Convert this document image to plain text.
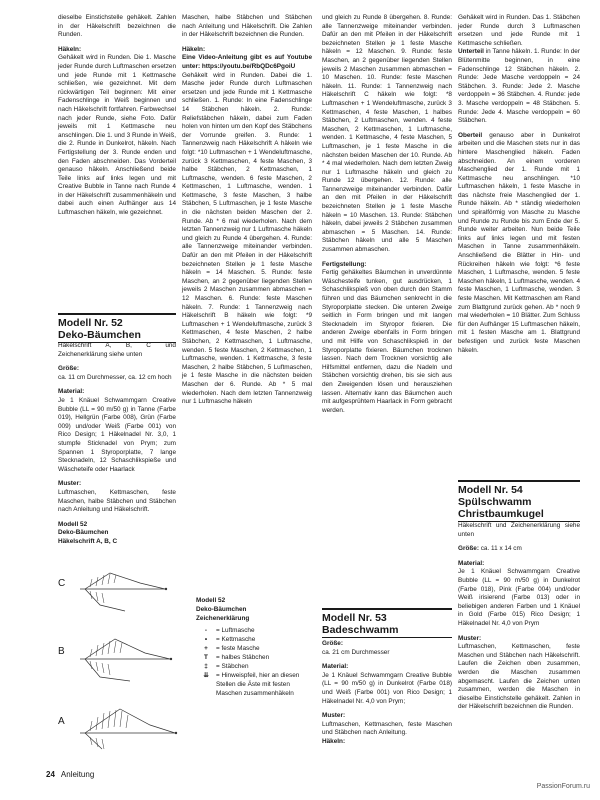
dieselbe Einstichstelle gehäkelt. Zahlen in der Häkelschrift bezeichnen die Runden.

Häkeln:

Gehäkelt wird in Runden. Die 1. Masche jeder Runde durch Luftmaschen ersetzen und jede Runde mit 1 Kettmasche schließen, wie gezeichnet. Mit dem rückwärtigen Teil beginnen: Mit einer Fadenschlinge in Weiß beginnen und nach Häkelschrift fortfahren. Farbwechsel nach jeder Runde, siehe Foto. Dafür jeweils mit 1 Kettmasche neu anschlingen. Die 1. und 3 Runde in Weiß, die 2. Runde in Dunkelrot, häkeln. Nach Fertigstellung der 3. Runde enden und den Faden abschneiden. Das Vorderteil genauso häkeln. Anschließend beide Teile links auf links legen und mit Creative Bubble in Tanne nach Runde 4 in der Häkelschrift zusammenhäkeln und dabei auch einen Aufhänger aus 14 Luftmaschen häkeln, wie gezeichnet.

Modell Nr. 52
Deko-Bäumchen

Häkelschrift A, B, C und Zeichenerklärung siehe unten

Größe:

ca. 11 cm Durchmesser, ca. 12 cm hoch

Material:

Je 1 Knäuel Schwammgarn Creative Bubble (LL = 90 m/50 g) in Tanne (Farbe 019), Hellgrün (Farbe 008), Grün (Farbe 009) und/oder Weiß (Farbe 001) von Rico Design; 1 Häkelnadel Nr. 3,0, 1 stumpfe Sticknadel von Prym; zum Spannen 1 Styroporplatte, 7 lange Stecknadeln, 12 Schaschlikspieße und Wäscheteife oder Haarlack

Muster:

Luftmaschen, Kettmaschen, feste Maschen, halbe Stäbchen und Stäbchen nach Anleitung und Häkelschrift.

Modell 52
Deko-Bäumchen
Häkelschrift A, B, C

Maschen, halbe Stäbchen und Stäbchen nach Anleitung und Häkelschrift. Die Zahlen in der Häkelschrift bezeichnen die Runden.

Häkeln:

Eine Video-Anleitung gibt es auf Youtube unter: https://youtu.be/RbQDc6PgoiU

Gehäkelt wird in Runden. Dabei die 1. Masche jeder Runde durch Luftmaschen ersetzen und jede Runde mit 1 Kettmasche schließen. 1. Runde: In eine Fadenschlinge 14 Stäbchen häkeln. 2. Runde: Reliefstäbchen häkeln, dabei zum Faden holen von hinten um den Kopf des Stäbchens der Vorrunde greifen. 3. Runde: 1 Tannenzweig nach Häkelschrift A häkeln wie folgt: *10 Luftmaschen + 1 Wendeluftmasche, zurück 3 Kettmaschen, 4 feste Maschen, 3 halbe Stäbchen, 2 Kettmaschen, 1 Luftmasche, wenden. 6 feste Maschen, 2 Kettmaschen, 1 Luftmasche, wenden. 1 Kettmasche, 3 feste Maschen, 3 halbe Stäbchen, 5 Luftmaschen, je 1 feste Masche in die nächsten beiden Maschen der 2. Runde. Ab * 6 mal wiederholen. Nach dem letzten Tannenzweig nur 1 Luftmasche häkeln und gleich zu Runde 4 übergehen. 4. Runde: alle Tannenzweige miteinander verbinden. Dafür an den mit Pfeilen in der Häkelschrift bezeichneten Stellen je 1 feste Masche häkeln = 14 Maschen. 5. Runde: feste Maschen, an 2 gegenüber liegenden Stellen jeweils 2 Maschen zusammen abmaschen = 12 Maschen. 6. Runde: feste Maschen häkeln. 7. Runde: 1 Tannenzweig nach Häkelschrift B häkeln wie folgt: *9 Luftmaschen + 1 Wendeluftmasche, zurück 3 Kettmaschen, 4 feste Maschen, 2 halbe Stäbchen, 2 Kettmaschen, 1 Luftmasche, wenden. 5 feste Maschen, 2 Kettmaschen, 1 Luftmasche, wenden. 1 Kettmasche, 3 feste Maschen, 2 halbe Stäbchen, 5 Luftmaschen, je 1 feste Masche in die nächsten beiden Maschen der 6. Runde. Ab * 5 mal wiederholen. Nach dem letzten Tannenzweig nur 1 Luftmasche häkeln

und gleich zu Runde 8 übergehen. 8. Runde: alle Tannenzweige miteinander verbinden. Dafür an den mit Pfeilen in der Häkelschrift bezeichneten Stellen je 1 feste Masche häkeln = 12 Maschen. 9. Runde: feste Maschen, an 2 gegenüber liegenden Stellen jeweils 2 Maschen zusammen abmaschen = 10 Maschen. 10. Runde: feste Maschen häkeln. 11. Runde: 1 Tannenzweig nach Häkelschrift C häkeln wie folgt: *8 Luftmaschen + 1 Wendeluftmasche, zurück 3 Kettmaschen, 4 feste Maschen, 1 halbes Stäbchen, 2 Luftmaschen, wenden. 4 feste Maschen, 2 Kettmaschen, 1 Luftmasche, wenden. 1 Kettmasche, 4 feste Maschen, 5 Luftmaschen, je 1 feste Masche in die nächsten beiden Maschen der 10. Runde. Ab * 4 mal wiederholen. Nach dem letzten Zweig nur 1 Luftmasche häkeln und gleich zu Runde 12 übergehen. 12. Runde: alle Tannenzweige miteinander verbinden. Dafür an den mit Pfeilen in der Häkelschrift bezeichneten Stellen je 1 feste Masche häkeln = 10 Maschen. 13. Runde: Stäbchen häkeln, dabei jeweils 2 Stäbchen zusammen abmaschen = 5 Maschen. 14. Runde: Stäbchen häkeln und alle 5 Maschen zusammen abmaschen.

Fertigstellung:

Fertig gehäkeltes Bäumchen in unverdünnte Wäschesteife tunken, gut ausdrücken, 1 Schaschlikspieß von oben durch den Stamm führen und das Bäumchen senkrecht in die Styroporplatte stecken. Die unteren Zweige seitlich in Form bringen und mit langen Stecknadeln im Styropor fixieren. Die anderen Zweige ebenfalls in Form bringen und mit Hilfe von Schaschlikspieß in der Styroporplatte fixieren. Bäumchen trocknen lassen. Nach dem Trocknen vorsichtig alle Hilfsmittel entfernen, dazu die Nadeln und Stäbchen vorsichtig drehen, bis sie sich aus den Zweigenden lösen und herausziehen lassen. Alternativ kann das Bäumchen auch mit aufgesprühtem Haarlack in Form gebracht werden.

Modell Nr. 53
Badeschwamm

Größe:

ca. 21 cm Durchmesser

Material:

Je 1 Knäuel Schwammgarn Creative Bubble (LL = 90 m/50 g) in Dunkelrot (Farbe 018) und Weiß (Farbe 001) von Rico Design; 1 Häkelnadel Nr. 4,0 von Prym;

Muster:

Luftmaschen, Kettmaschen, feste Maschen und Stäbchen nach Anleitung.

Häkeln:

Gehäkelt wird in Runden. Das 1. Stäbchen jeder Runde durch 3 Luftmaschen ersetzen und jede Runde mit 1 Kettmasche schließen.

Unterteil in Tanne häkeln. 1. Runde: In der Blütenmitte beginnen, in eine Fadenschlinge 12 Stäbchen häkeln. 2. Runde: Jede Masche verdoppeln = 24 Stäbchen. 3. Runde: Jede 2. Masche verdoppeln = 36 Stäbchen. 4. Runde: jede 3. Masche verdoppeln = 48 Stäbchen. 5. Runde: Jede 4. Masche verdoppeln = 60 Stäbchen.

Oberteil genauso aber in Dunkelrot arbeiten und die Maschen stets nur in das hintere Maschenglied häkeln. Faden abschneiden. An einem vorderen Maschenglied der 1. Runde mit 1 Kettmasche neu anschlingen. *10 Luftmaschen häkeln, 1 feste Masche in das nächste freie Maschenglied der 1. Runde häkeln. Ab * ständig wiederholen und spiralförmig von Masche zu Masche und Runde zu Runde bis zum Ende der 5. Runde weiter arbeiten. Nun beide Teile links auf links legen und mit festen Maschen in Tanne zusammenhäkeln. Anschließend die Blätter in Hin- und Rückreihen häkeln wie folgt: *6 feste Maschen, 1 Luftmasche, wenden. 5 feste Maschen häkeln, 1 Luftmasche, wenden. 4 feste Maschen, 1 Luftmasche, wenden. 3 feste Maschen. Mit Kettmaschen am Rand zum Blattgrund zurück gehen. Ab * noch 9 mal wiederholen = 10 Blätter. Zum Schluss für den Aufhänger 15 Luftmaschen häkeln, mit 1 festen Masche am 1. Blattgrund befestigen und zurück feste Maschen häkeln.

Modell Nr. 54
Spülschwamm Christbaumkugel

Häkelschrift und Zeichenerklärung siehe unten

Größe: ca. 11 x 14 cm

Material:

Je 1 Knäuel Schwammgarn Creative Bubble (LL = 90 m/50 g) in Dunkelrot (Farbe 018), Pink (Farbe 004) und/oder Weiß irisierend (Farbe 013) oder in beliebigen anderen Farben und 1 Knäuel in Gold (Farbe 015) Rico Design; 1 Häkelnadel Nr. 4,0 von Prym

Muster:

Luftmaschen, Kettmaschen, feste Maschen und Stäbchen nach Häkelschrift. Laufen die Zeichen oben zusammen, werden die Maschen zusammen abgemascht. Laufen die Zeichen unten zusammen, werden die Maschen in dieselbe Einstichstelle gehäkelt. Zahlen in der Häkelschrift bezeichnen die Runden.

C
B
A
Modell 52
Deko-Bäumchen
Zeichenerklärung
-	= Luftmasche
•	= Kettmasche
+	= feste Masche
T	= halbes Stäbchen
‡	= Stäbchen
⇊	= Hinweispfeil, hier an diesen Stellen die Äste mit festen Maschen zusammenhäkeln
24 Anleitung
PassionForum.ru
